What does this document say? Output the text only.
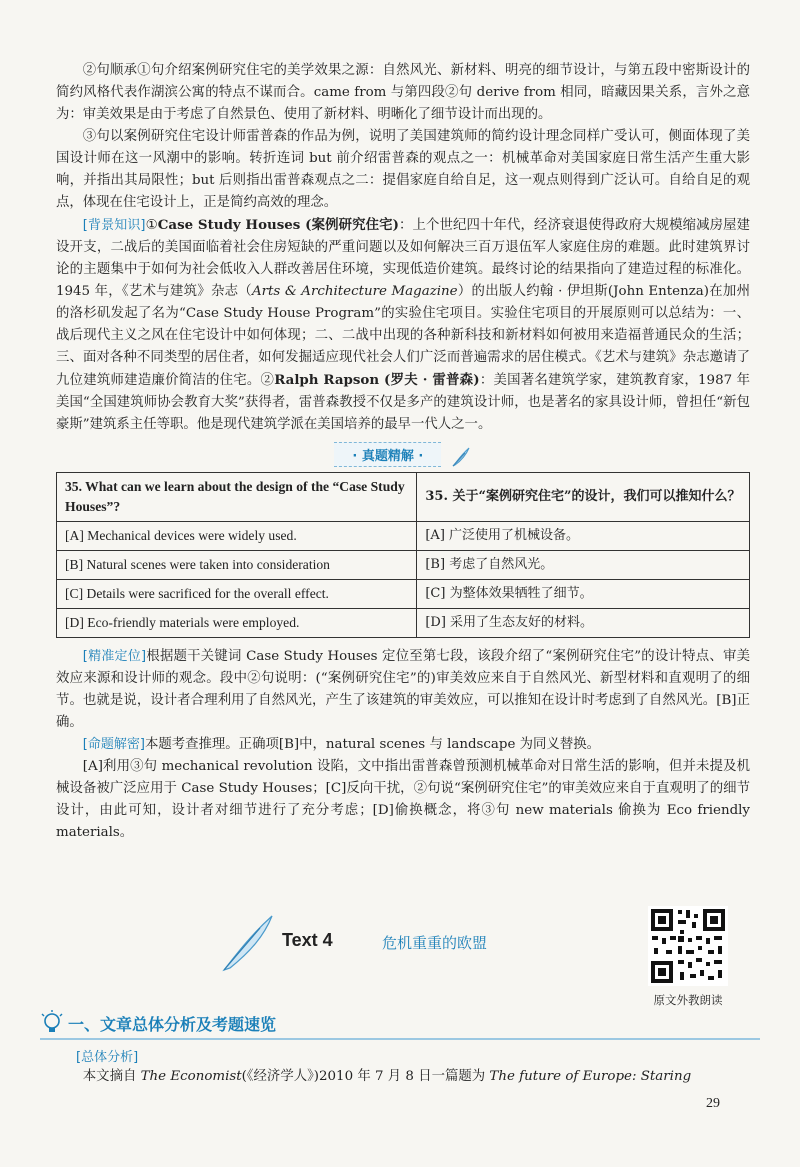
②句顺承①句介绍案例研究住宅的美学效果之源：自然风光、新材料、明亮的细节设计，与第五段中密斯设计的简约风格代表作湖滨公寓的特点不谋而合。came from 与第四段②句 derive from 相同，暗藏因果关系，言外之意为：审美效果是由于考虑了自然景色、使用了新材料、明晰化了细节设计而出现的。

③句以案例研究住宅设计师雷普森的作品为例，说明了美国建筑师的简约设计理念同样广受认可，侧面体现了美国设计师在这一风潮中的影响。转折连词 but 前介绍雷普森的观点之一：机械革命对美国家庭日常生活产生重大影响，并指出其局限性；but 后则指出雷普森观点之二：提倡家庭自给自足，这一观点则得到广泛认可。自给自足的观点，体现在住宅设计上，正是简约高效的理念。

[背景知识]①Case Study Houses (案例研究住宅)：上个世纪四十年代，经济衰退使得政府大规模缩减房屋建设开支，二战后的美国面临着社会住房短缺的严重问题以及如何解决三百万退伍军人家庭住房的难题。此时建筑界讨论的主题集中于如何为社会低收入人群改善居住环境，实现低造价建筑。最终讨论的结果指向了建造过程的标准化。1945 年，《艺术与建筑》杂志（Arts & Architecture Magazine）的出版人约翰 · 伊坦斯(John Entenza)在加州的洛杉矶发起了名为“Case Study House Program”的实验住宅项目。实验住宅项目的开展原则可以总结为：一、战后现代主义之风在住宅设计中如何体现；二、二战中出现的各种新科技和新材料如何被用来造福普通民众的生活；三、面对各种不同类型的居住者，如何发掘适应现代社会人们广泛而普遍需求的居住模式。《艺术与建筑》杂志邀请了九位建筑师建造廉价简洁的住宅。②Ralph Rapson (罗夫 · 雷普森)：美国著名建筑学家，建筑教育家，1987 年美国“全国建筑师协会教育大奖”获得者，雷普森教授不仅是多产的建筑设计师，也是著名的家具设计师，曾担任“新包豪斯”建筑系主任等职。他是现代建筑学派在美国培养的最早一代人之一。

· 真题精解 ·
35. What can we learn about the design of the “Case Study Houses”?	35. 关于“案例研究住宅”的设计，我们可以推知什么？
[A] Mechanical devices were widely used.	[A] 广泛使用了机械设备。
[B] Natural scenes were taken into consideration	[B] 考虑了自然风光。
[C] Details were sacrificed for the overall effect.	[C] 为整体效果牺牲了细节。
[D] Eco-friendly materials were employed.	[D] 采用了生态友好的材料。

[精准定位]根据题干关键词 Case Study Houses 定位至第七段，该段介绍了“案例研究住宅”的设计特点、审美效应来源和设计师的观念。段中②句说明：(“案例研究住宅”的)审美效应来自于自然风光、新型材料和直观明了的细节。也就是说，设计者合理利用了自然风光，产生了该建筑的审美效应，可以推知在设计时考虑到了自然风光。[B]正确。

[命题解密]本题考查推理。正确项[B]中，natural scenes 与 landscape 为同义替换。

[A]利用③句 mechanical revolution 设陷，文中指出雷普森曾预测机械革命对日常生活的影响，但并未提及机械设备被广泛应用于 Case Study Houses；[C]反向干扰，②句说“案例研究住宅”的审美效应来自于直观明了的细节设计，由此可知，设计者对细节进行了充分考虑；[D]偷换概念，将③句 new materials 偷换为 Eco friendly materials。

Text 4	危机重重的欧盟
原文外教朗读
一、文章总体分析及考题速览
[总体分析]

本文摘自 The Economist(《经济学人》)2010 年 7 月 8 日一篇题为 The future of Europe: Staring

29
